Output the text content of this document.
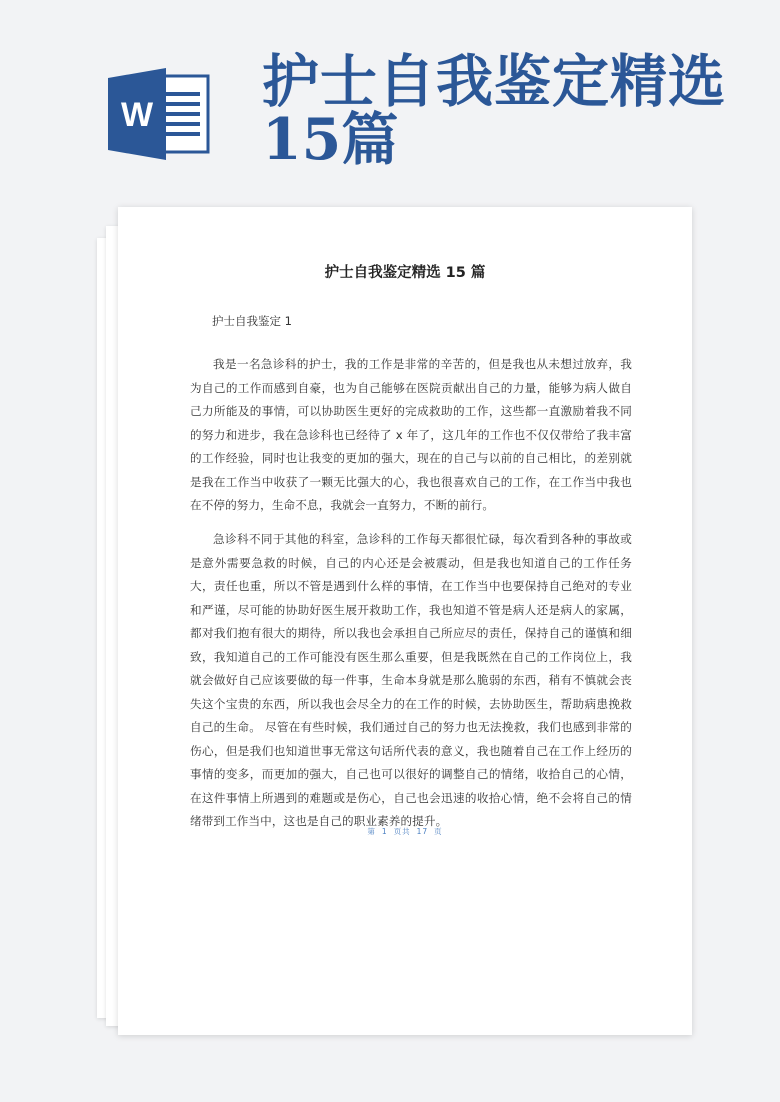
W 护士自我鉴定精选
15篇
护士自我鉴定精选 15 篇
护士自我鉴定 1

我是一名急诊科的护士，我的工作是非常的辛苦的，但是我也从未想过放弃，我为自己的工作而感到自豪，也为自己能够在医院贡献出自己的力量，能够为病人做自己力所能及的事情，可以协助医生更好的完成救助的工作，这些都一直激励着我不同的努力和进步，我在急诊科也已经待了 x 年了，这几年的工作也不仅仅带给了我丰富的工作经验，同时也让我变的更加的强大，现在的自己与以前的自己相比，的差别就是我在工作当中收获了一颗无比强大的心，我也很喜欢自己的工作，在工作当中我也在不停的努力，生命不息，我就会一直努力，不断的前行。

急诊科不同于其他的科室，急诊科的工作每天都很忙碌，每次看到各种的事故或是意外需要急救的时候，自己的内心还是会被震动，但是我也知道自己的工作任务大，责任也重，所以不管是遇到什么样的事情，在工作当中也要保持自己绝对的专业和严谨，尽可能的协助好医生展开救助工作，我也知道不管是病人还是病人的家属，都对我们抱有很大的期待，所以我也会承担自己所应尽的责任，保持自己的谨慎和细致，我知道自己的工作可能没有医生那么重要，但是我既然在自己的工作岗位上，我就会做好自己应该要做的每一件事，生命本身就是那么脆弱的东西，稍有不慎就会丧失这个宝贵的东西，所以我也会尽全力的在工作的时候，去协助医生，帮助病患挽救自己的生命。 尽管在有些时候，我们通过自己的努力也无法挽救，我们也感到非常的伤心，但是我们也知道世事无常这句话所代表的意义，我也随着自己在工作上经历的事情的变多，而更加的强大，自己也可以很好的调整自己的情绪，收拾自己的心情，在这件事情上所遇到的难题或是伤心，自己也会迅速的收拾心情，绝不会将自己的情绪带到工作当中，这也是自己的职业素养的提升。

第 1 页共 17 页
